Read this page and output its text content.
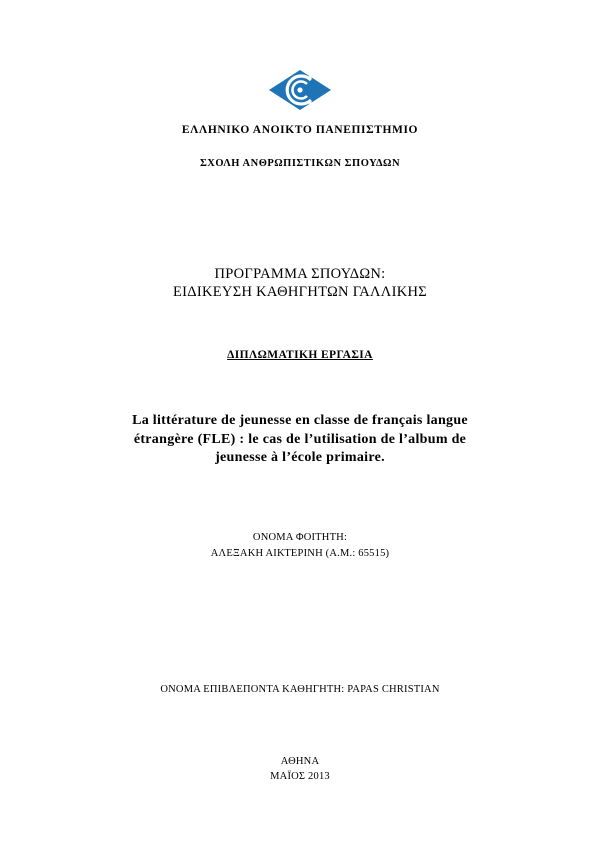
ΕΛΛΗΝΙΚΟ ΑΝΟΙΚΤΟ ΠΑΝΕΠΙΣΤΗΜΙΟ
ΣΧΟΛΗ ΑΝΘΡΩΠΙΣΤΙΚΩΝ ΣΠΟΥΔΩΝ
ΠΡΟΓΡΑΜΜΑ ΣΠΟΥΔΩΝ:
ΕΙΔΙΚΕΥΣΗ ΚΑΘΗΓΗΤΩΝ ΓΑΛΛΙΚΗΣ
ΔΙΠΛΩΜΑΤΙΚΗ ΕΡΓΑΣΙΑ
La littérature de jeunesse en classe de français langue
étrangère (FLE) : le cas de l’utilisation de l’album de
jeunesse à l’école primaire.
ΟΝΟΜΑ ΦΟΙΤΗΤΗ:
ΑΛΕΞΑΚΗ ΑΙΚΤΕΡΙΝΗ (Α.Μ.: 65515)
ΟΝΟΜΑ ΕΠΙΒΛΕΠΟΝΤΑ ΚΑΘΗΓΗΤΗ: PAPAS CHRISTIAN
ΑΘΗΝΑ
ΜΑΪΟΣ 2013
